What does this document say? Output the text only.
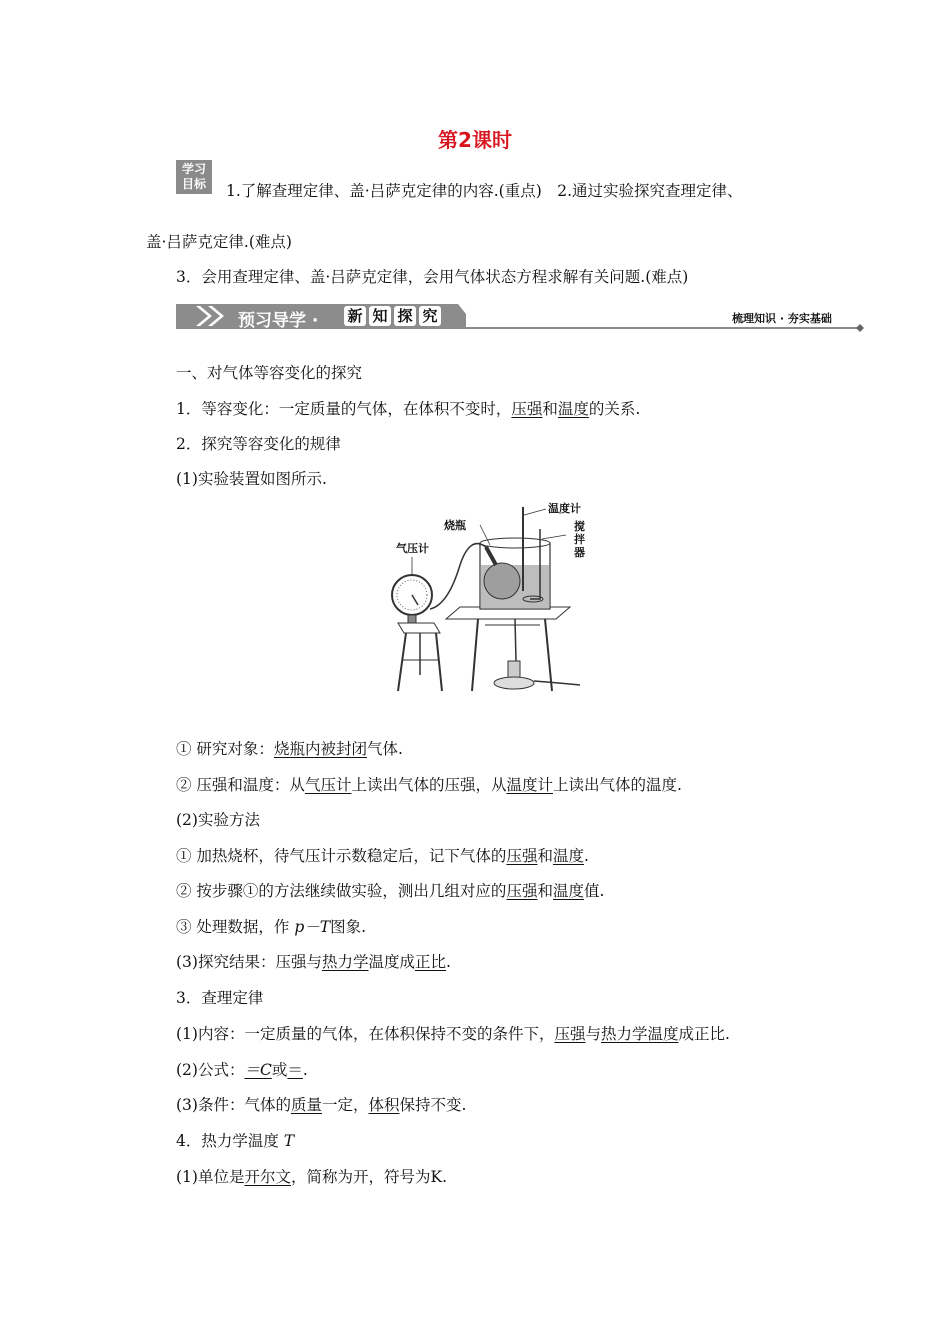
第2课时
学习
目标	1.了解查理定律、盖·吕萨克定律的内容.(重点)　2.通过实验探究查理定律、
盖·吕萨克定律.(难点)
3．会用查理定律、盖·吕萨克定律，会用气体状态方程求解有关问题.(难点)
预习导学 · 新 知 探 究	梳理知识 · 夯实基础
一、对气体等容变化的探究
1．等容变化：一定质量的气体，在体积不变时，压强和温度的关系.
2．探究等容变化的规律
(1)实验装置如图所示.
温度计
烧瓶	搅
拌
器
气压计
① 研究对象：烧瓶内被封闭气体.
② 压强和温度：从气压计上读出气体的压强，从温度计上读出气体的温度.
(2)实验方法
① 加热烧杯，待气压计示数稳定后，记下气体的压强和温度.
② 按步骤①的方法继续做实验，测出几组对应的压强和温度值.
③ 处理数据，作 p－T图象.
(3)探究结果：压强与热力学温度成正比.
3．查理定律
(1)内容：一定质量的气体，在体积保持不变的条件下，压强与热力学温度成正比.
(2)公式：＝C或＝.
(3)条件：气体的质量一定，体积保持不变.
4．热力学温度 T
(1)单位是开尔文，简称为开，符号为K.
